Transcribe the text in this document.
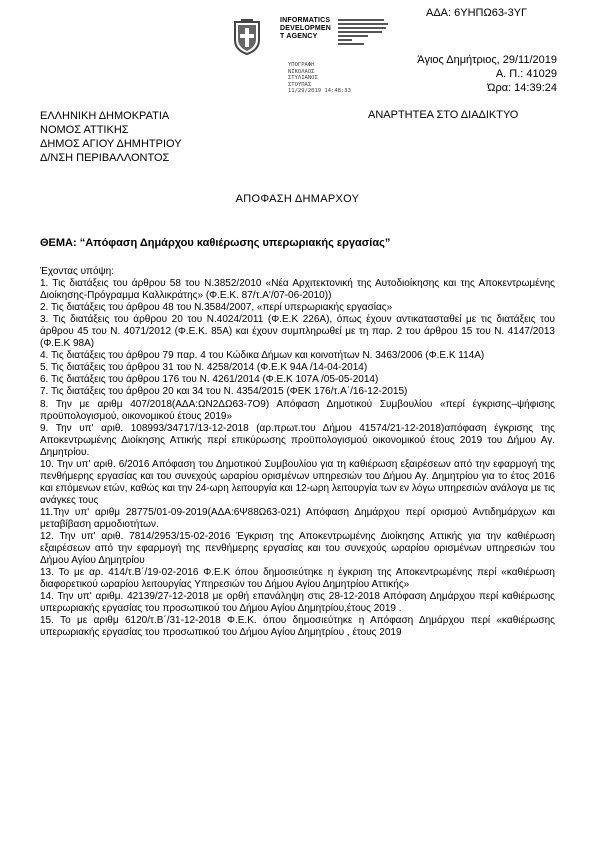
ΑΔΑ: 6ΥΗΠΩ63-3ΥΓ
INFORMATICS
DEVELOPMEN
T AGENCY
ΥΠΟΓΡΑΦΗ
ΝΙΚΟΛΑΟΣ
ΣΤΥΛΙΑΝΟΣ
ΣΤΟΥΠΑΣ
11/29/2019 14:48:33
Άγιος Δημήτριος, 29/11/2019
Α. Π.: 41029
Ώρα: 14:39:24
ΕΛΛΗΝΙΚΗ ΔΗΜΟΚΡΑΤΙΑ
ΝΟΜΟΣ ΑΤΤΙΚΗΣ
ΔΗΜΟΣ ΑΓΙΟΥ ΔΗΜΗΤΡΙΟΥ
Δ/ΝΣΗ ΠΕΡΙΒΑΛΛΟΝΤΟΣ
ΑΝΑΡΤΗΤΕΑ ΣΤΟ ΔΙΑΔΙΚΤΥΟ
ΑΠΟΦΑΣΗ ΔΗΜΑΡΧΟΥ
ΘΕΜΑ: “Απόφαση Δημάρχου καθιέρωσης υπερωριακής εργασίας”

Έχοντας υπόψη:

1. Τις διατάξεις του άρθρου 58 του Ν.3852/2010 «Νέα Αρχιτεκτονική της Αυτοδιοίκησης και της Αποκεντρωμένης Διοίκησης-Πρόγραμμα Καλλικράτης» (Φ.Ε.Κ. 87/τ.Α'/07-06-2010))

2. Τις διατάξεις του άρθρου 48 του Ν.3584/2007, «περί υπερωριακής εργασίας»

3. Τις διατάξεις του άρθρου 20 του Ν.4024/2011 (Φ.Ε.Κ 226Α), όπως έχουν αντικατασταθεί με τις διατάξεις του άρθρου 45 του Ν. 4071/2012 (Φ.Ε.Κ. 85Α) και έχουν συμπληρωθεί με τη παρ. 2 του άρθρου 15 του Ν. 4147/2013 (Φ.Ε.Κ 98Α)

4. Τις διατάξεις του άρθρου 79 παρ. 4 του Κώδικα Δήμων και κοινοτήτων Ν. 3463/2006 (Φ.Ε.Κ 114Α)

5. Τις διατάξεις του άρθρου 31 του Ν. 4258/2014 (Φ.Ε.Κ 94Α /14-04-2014)

6. Τις διατάξεις του άρθρου 176 του Ν. 4261/2014 (Φ.Ε.Κ 107Α /05-05-2014)

7. Τις διατάξεις του άρθρου 20 και 34 του Ν. 4354/2015 (ΦΕΚ 176/τ.Α΄/16-12-2015)

8. Την με αριθμ 407/2018(ΑΔΑ:ΩΝ2ΔΩ63-7Ο9) Απόφαση Δημοτικού Συμβουλίου «περί έγκρισης–ψήφισης προϋπολογισμού, οικονομικού έτους 2019»

9. Την υπ' αριθ. 108993/34717/13-12-2018 (αρ.πρωτ.του Δήμου 41574/21-12-2018)απόφαση έγκρισης της Αποκεντρωμένης Διοίκησης Αττικής περί επικύρωσης προϋπολογισμού οικονομικού έτους 2019 του Δήμου Αγ. Δημητρίου.

10. Την υπ' αριθ. 6/2016 Απόφαση του Δημοτικού Συμβουλίου για τη καθιέρωση εξαιρέσεων από την εφαρμογή της πενθήμερης εργασίας και του συνεχούς ωραρίου ορισμένων υπηρεσιών του Δήμου Αγ. Δημητρίου για το έτος 2016 και επόμενων ετών, καθώς και την 24-ωρη λειτουργία και 12-ωρη λειτουργία των εν λόγω υπηρεσιών ανάλογα με τις ανάγκες τους

11.Την υπ' αριθμ 28775/01-09-2019(ΑΔΑ:6Ψ88Ω63-021) Απόφαση Δημάρχου περί ορισμού Αντιδημάρχων και μεταβίβαση αρμοδιοτήτων.

12. Την υπ' αριθ. 7814/2953/15-02-2016 Έγκριση της Αποκεντρωμένης Διοίκησης Αττικής για την καθιέρωση εξαιρέσεων από την εφαρμογή της πενθήμερης εργασίας και του συνεχούς ωραρίου ορισμένων υπηρεσιών του Δήμου Αγίου Δημητρίου

13. Το με αρ. 414/τ.Β΄/19-02-2016 Φ.Ε.Κ όπου δημοσιεύτηκε η έγκριση της Αποκεντρωμένης περί «καθιέρωση διαφορετικού ωραρίου λειτουργίας Υπηρεσιών του Δήμου Αγίου Δημητρίου Αττικής»

14. Την υπ' αριθμ. 42139/27-12-2018 με ορθή επανάληψη στις 28-12-2018 Απόφαση Δημάρχου περί καθιέρωσης υπερωριακής εργασίας του προσωπικού του Δήμου Αγίου Δημητρίου,έτους 2019 .

15. Το με αριθμ 6120/τ.Β΄/31-12-2018 Φ.Ε.Κ. όπου δημοσιεύτηκε η Απόφαση Δημάρχου περί «καθιέρωσης υπερωριακής εργασίας του προσωπικού του Δήμου Αγίου Δημητρίου , έτους 2019
